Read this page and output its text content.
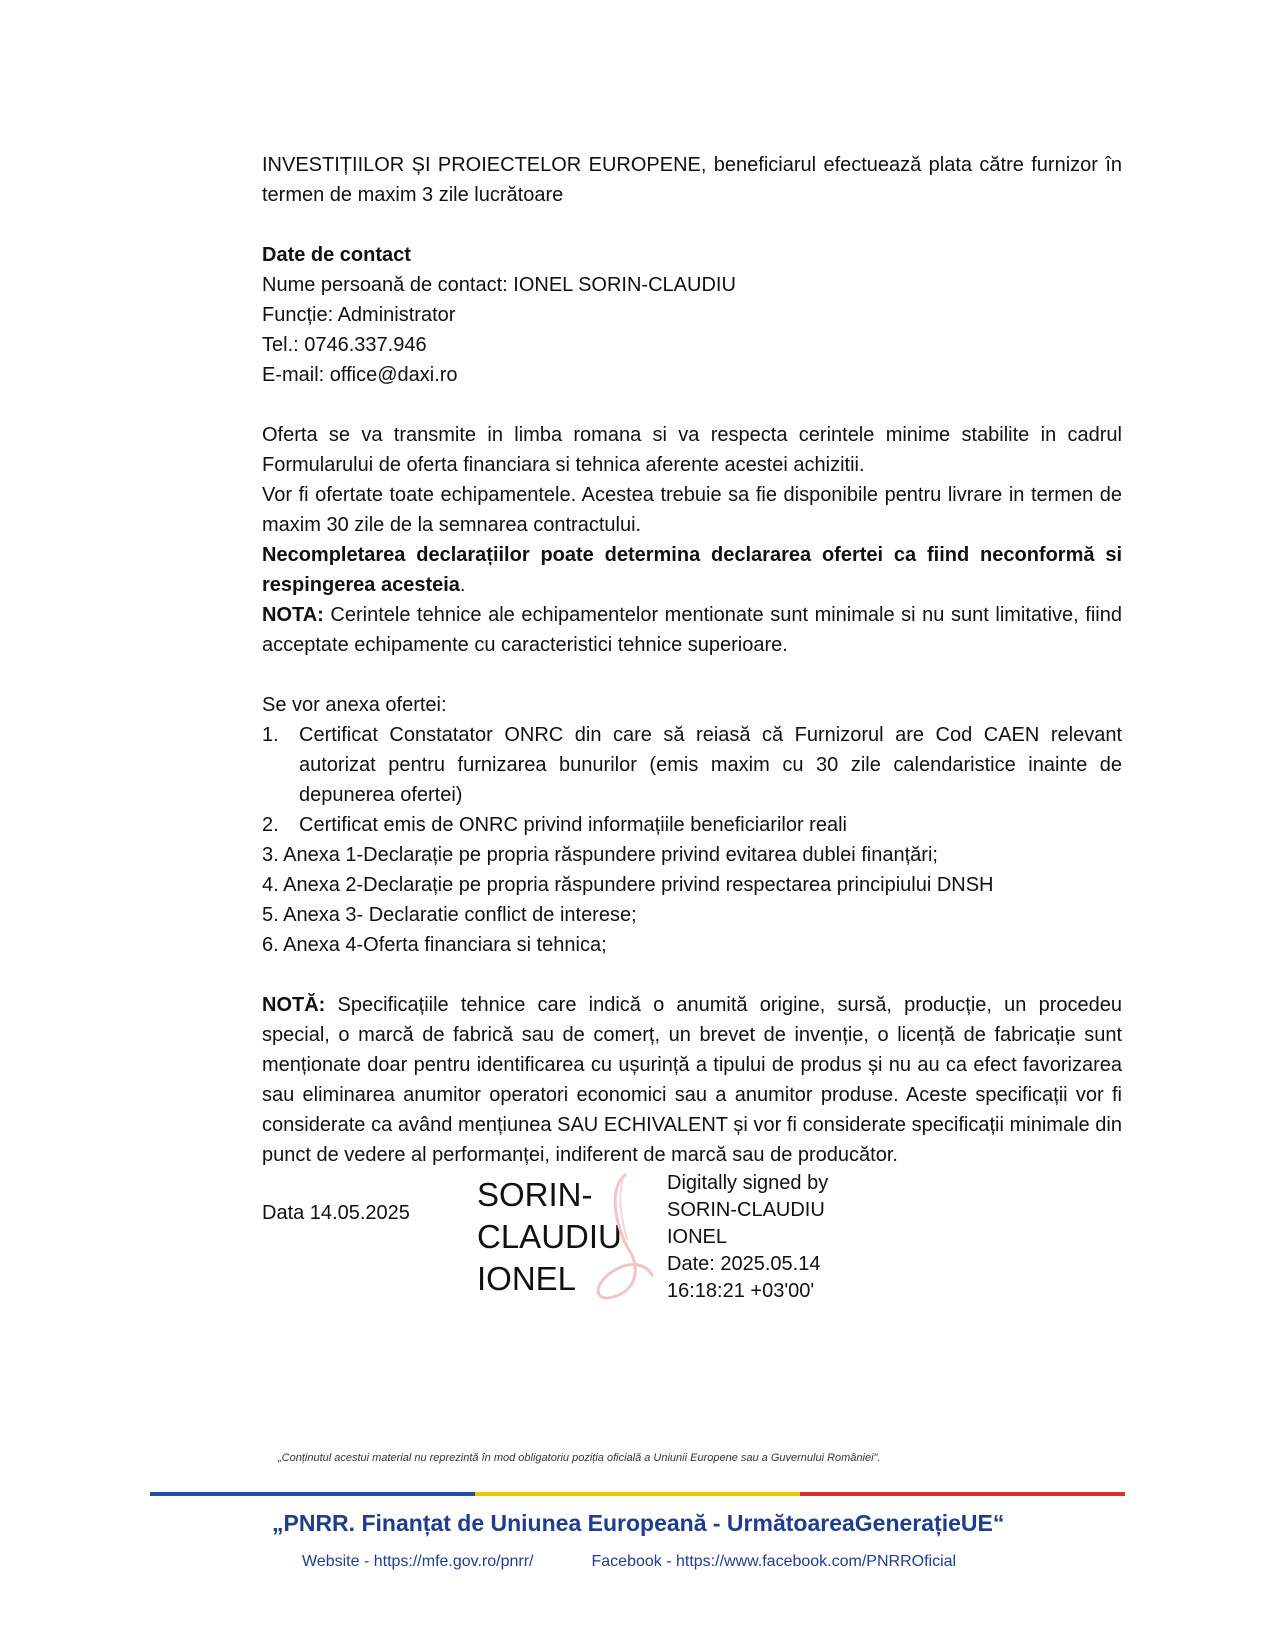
INVESTIȚIILOR ȘI PROIECTELOR EUROPENE, beneficiarul efectuează plata către furnizor în termen de maxim 3 zile lucrătoare

Date de contact

Nume persoană de contact: IONEL SORIN-CLAUDIU

Funcție: Administrator

Tel.: 0746.337.946

E-mail: office@daxi.ro

Oferta se va transmite in limba romana si va respecta cerintele minime stabilite in cadrul Formularului de oferta financiara si tehnica aferente acestei achizitii.

Vor fi ofertate toate echipamentele. Acestea trebuie sa fie disponibile pentru livrare in termen de maxim 30 zile de la semnarea contractului.

Necompletarea declarațiilor poate determina declararea ofertei ca fiind neconformă si respingerea acesteia.

NOTA: Cerintele tehnice ale echipamentelor mentionate sunt minimale si nu sunt limitative, fiind acceptate echipamente cu caracteristici tehnice superioare.

Se vor anexa ofertei:

1. Certificat Constatator ONRC din care să reiasă că Furnizorul are Cod CAEN relevant autorizat pentru furnizarea bunurilor (emis maxim cu 30 zile calendaristice inainte de depunerea ofertei)
2. Certificat emis de ONRC privind informațiile beneficiarilor reali
3. Anexa 1-Declarație pe propria răspundere privind evitarea dublei finanțări;
4. Anexa 2-Declarație pe propria răspundere privind respectarea principiului DNSH
5. Anexa 3- Declaratie conflict de interese;
6. Anexa 4-Oferta financiara si tehnica;

NOTĂ: Specificațiile tehnice care indică o anumită origine, sursă, producție, un procedeu special, o marcă de fabrică sau de comerț, un brevet de invenție, o licență de fabricație sunt menționate doar pentru identificarea cu ușurință a tipului de produs și nu au ca efect favorizarea sau eliminarea anumitor operatori economici sau a anumitor produse. Aceste specificații vor fi considerate ca având mențiunea SAU ECHIVALENT și vor fi considerate specificații minimale din punct de vedere al performanței, indiferent de marcă sau de producător.

Data 14.05.2025 SORIN-
CLAUDIU
IONEL
Digitally signed by
SORIN-CLAUDIU
IONEL
Date: 2025.05.14
16:18:21 +03'00'
„Conținutul acestui material nu reprezintă în mod obligatoriu poziția oficială a Uniunii Europene sau a Guvernului României".
„PNRR. Finanțat de Uniunea Europeană - UrmătoareaGenerațieUE“
Website - https://mfe.gov.ro/pnrr/	Facebook - https://www.facebook.com/PNRROficial
